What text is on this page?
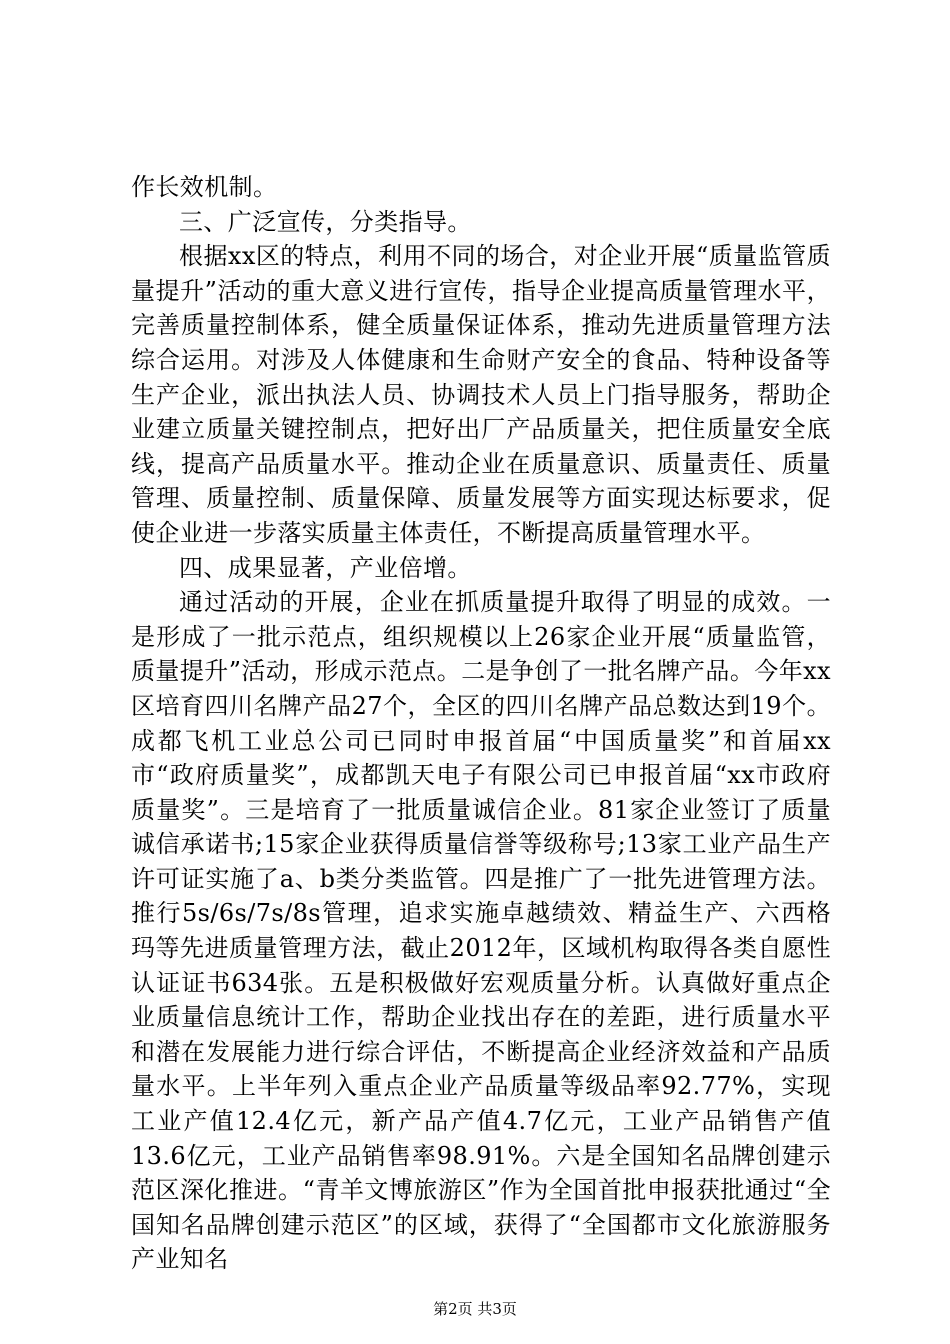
作长效机制。

三、广泛宣传，分类指导。

根据xx区的特点，利用不同的场合，对企业开展“质量监管质量提升”活动的重大意义进行宣传，指导企业提高质量管理水平，完善质量控制体系，健全质量保证体系，推动先进质量管理方法综合运用。对涉及人体健康和生命财产安全的食品、特种设备等生产企业，派出执法人员、协调技术人员上门指导服务，帮助企业建立质量关键控制点，把好出厂产品质量关，把住质量安全底线，提高产品质量水平。推动企业在质量意识、质量责任、质量管理、质量控制、质量保障、质量发展等方面实现达标要求，促使企业进一步落实质量主体责任，不断提高质量管理水平。

四、成果显著，产业倍增。

通过活动的开展，企业在抓质量提升取得了明显的成效。一是形成了一批示范点，组织规模以上26家企业开展“质量监管，质量提升”活动，形成示范点。二是争创了一批名牌产品。今年xx区培育四川名牌产品27个，全区的四川名牌产品总数达到19个。成都飞机工业总公司已同时申报首届“中国质量奖”和首届xx市“政府质量奖”，成都凯天电子有限公司已申报首届“xx市政府质量奖”。三是培育了一批质量诚信企业。81家企业签订了质量诚信承诺书;15家企业获得质量信誉等级称号;13家工业产品生产许可证实施了a、b类分类监管。四是推广了一批先进管理方法。推行5s/6s/7s/8s管理，追求实施卓越绩效、精益生产、六西格玛等先进质量管理方法，截止2012年，区域机构取得各类自愿性认证证书634张。五是积极做好宏观质量分析。认真做好重点企业质量信息统计工作，帮助企业找出存在的差距，进行质量水平和潜在发展能力进行综合评估，不断提高企业经济效益和产品质量水平。上半年列入重点企业产品质量等级品率92.77%，实现工业产值12.4亿元，新产品产值4.7亿元，工业产品销售产值13.6亿元，工业产品销售率98.91%。六是全国知名品牌创建示范区深化推进。“青羊文博旅游区”作为全国首批申报获批通过“全国知名品牌创建示范区”的区域，获得了“全国都市文化旅游服务产业知名

第2页 共3页
